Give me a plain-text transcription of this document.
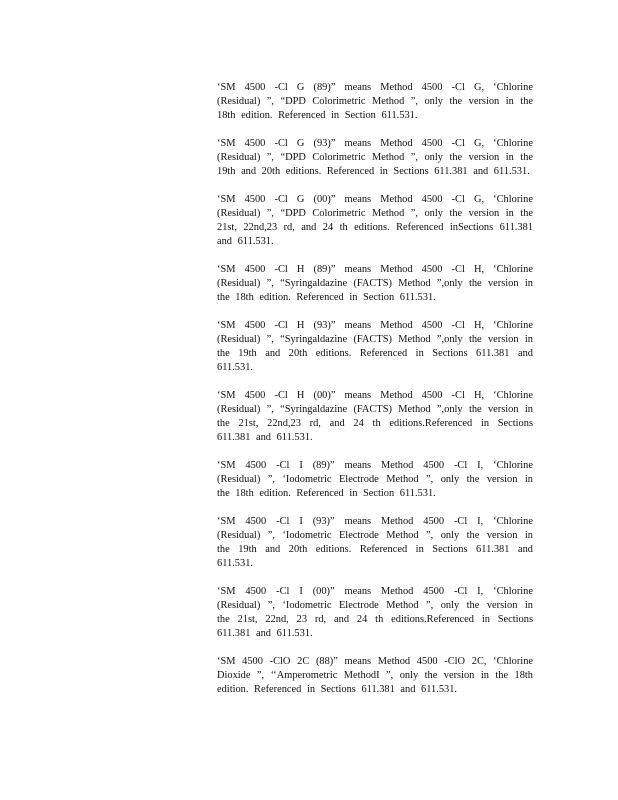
‘SM 4500 -Cl G (89)” means Method 4500 -Cl G, ‘Chlorine (Residual) ”, “DPD Colorimetric Method ”, only the version in the 18th edition. Referenced in Section 611.531.

‘SM 4500 -Cl G (93)” means Method 4500 -Cl G, ‘Chlorine (Residual) ”, “DPD Colorimetric Method ”, only the version in the 19th and 20th editions. Referenced in Sections 611.381 and 611.531.

‘SM 4500 -Cl G (00)” means Method 4500 -Cl G, ‘Chlorine (Residual) ”, “DPD Colorimetric Method ”, only the version in the 21st, 22nd,23 rd, and 24 th editions. Referenced inSections 611.381 and 611.531.

‘SM 4500 -Cl H (89)” means Method 4500 -Cl H, ‘Chlorine (Residual) ”, “Syringaldazine (FACTS) Method ”,only the version in the 18th edition. Referenced in Section 611.531.

‘SM 4500 -Cl H (93)” means Method 4500 -Cl H, ‘Chlorine (Residual) ”, “Syringaldazine (FACTS) Method ”,only the version in the 19th and 20th editions. Referenced in Sections 611.381 and 611.531.

‘SM 4500 -Cl H (00)” means Method 4500 -Cl H, ‘Chlorine (Residual) ”, “Syringaldazine (FACTS) Method ”,only the version in the 21st, 22nd,23 rd, and 24 th editions.Referenced in Sections 611.381 and 611.531.

‘SM 4500 -Cl I (89)” means Method 4500 -Cl I, ‘Chlorine (Residual) ”, ‘Iodometric Electrode Method ”, only the version in the 18th edition. Referenced in Section 611.531.

‘SM 4500 -Cl I (93)” means Method 4500 -Cl I, ‘Chlorine (Residual) ”, ‘Iodometric Electrode Method ”, only the version in the 19th and 20th editions. Referenced in Sections 611.381 and 611.531.

‘SM 4500 -Cl I (00)” means Method 4500 -Cl I, ‘Chlorine (Residual) ”, ‘Iodometric Electrode Method ”, only the version in the 21st, 22nd, 23 rd, and 24 th editions.Referenced in Sections 611.381 and 611.531.

‘SM 4500 -ClO 2C (88)” means Method 4500 -ClO 2C, ‘Chlorine Dioxide ”, ‘‘Amperometric MethodI ”, only the version in the 18th edition. Referenced in Sections 611.381 and 611.531.
